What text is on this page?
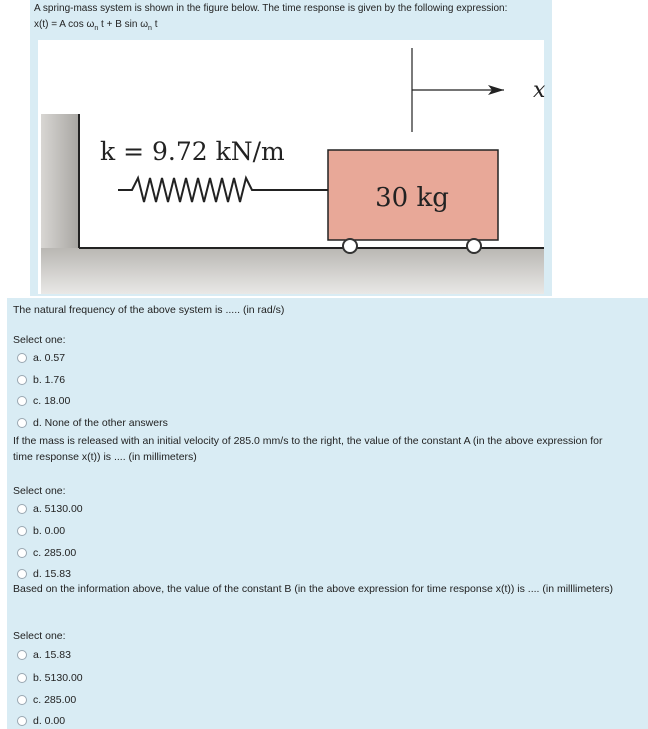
A spring-mass system is shown in the figure below. The time response is given by the following expression:
x(t) = A $\cos \omega_n$ t + B $\sin \omega_n$ t
x
k = 9.72 kN/m
30 kg
The natural frequency of the above system is ..... (in rad/s)
Select one:
a. 0.57
b. 1.76
c. 18.00
d. None of the other answers
If the mass is released with an initial velocity of 285.0 mm/s to the right, the value of the constant A (in the above expression for
time response x(t)) is .... (in millimeters)
Select one:
a. 5130.00
b. 0.00
c. 285.00
d. 15.83
Based on the information above, the value of the constant B (in the above expression for time response x(t)) is .... (in milllimeters)
Select one:
a. 15.83
b. 5130.00
c. 285.00
d. 0.00
